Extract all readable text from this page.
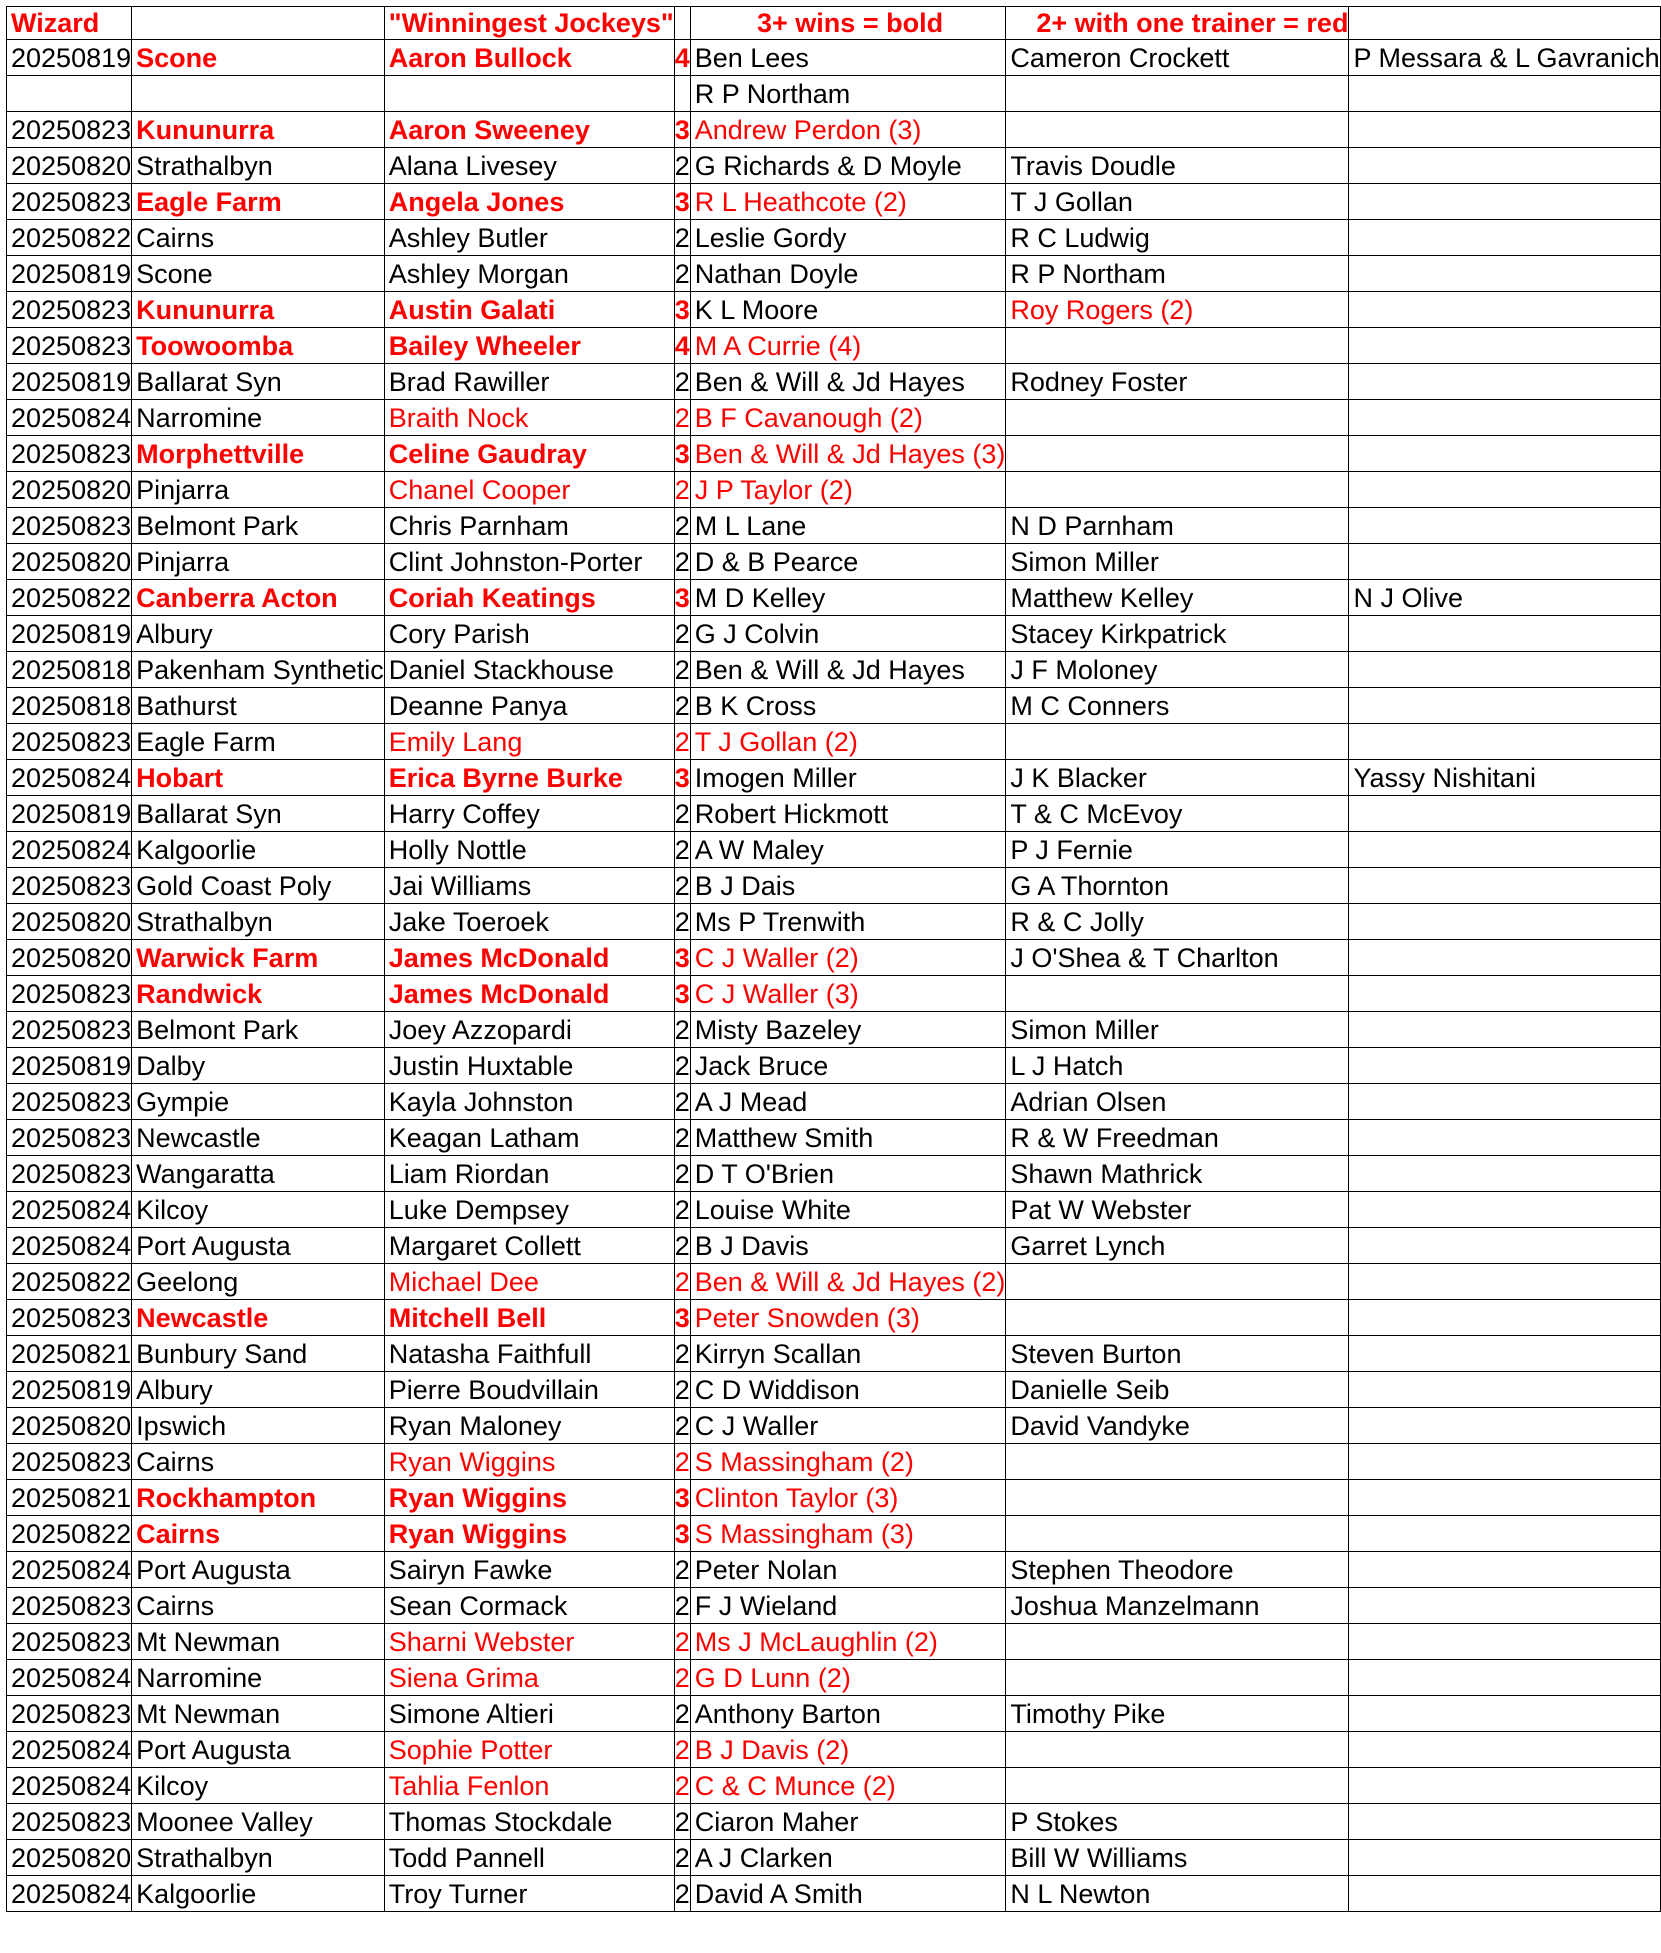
Wizard		"Winningest Jockeys"		3+ wins = bold	2+ with one trainer = red	
20250819	Scone	Aaron Bullock	4	Ben Lees	Cameron Crockett	P Messara & L Gavranich
				R P Northam		
20250823	Kununurra	Aaron Sweeney	3	Andrew Perdon (3)		
20250820	Strathalbyn	Alana Livesey	2	G Richards & D Moyle	Travis Doudle	
20250823	Eagle Farm	Angela Jones	3	R L Heathcote (2)	T J Gollan	
20250822	Cairns	Ashley Butler	2	Leslie Gordy	R C Ludwig	
20250819	Scone	Ashley Morgan	2	Nathan Doyle	R P Northam	
20250823	Kununurra	Austin Galati	3	K L Moore	Roy Rogers (2)	
20250823	Toowoomba	Bailey Wheeler	4	M A Currie (4)		
20250819	Ballarat Syn	Brad Rawiller	2	Ben & Will & Jd Hayes	Rodney Foster	
20250824	Narromine	Braith Nock	2	B F Cavanough (2)		
20250823	Morphettville	Celine Gaudray	3	Ben & Will & Jd Hayes (3)		
20250820	Pinjarra	Chanel Cooper	2	J P Taylor (2)		
20250823	Belmont Park	Chris Parnham	2	M L Lane	N D Parnham	
20250820	Pinjarra	Clint Johnston-Porter	2	D & B Pearce	Simon Miller	
20250822	Canberra Acton	Coriah Keatings	3	M D Kelley	Matthew Kelley	N J Olive
20250819	Albury	Cory Parish	2	G J Colvin	Stacey Kirkpatrick	
20250818	Pakenham Synthetic	Daniel Stackhouse	2	Ben & Will & Jd Hayes	J F Moloney	
20250818	Bathurst	Deanne Panya	2	B K Cross	M C Conners	
20250823	Eagle Farm	Emily Lang	2	T J Gollan (2)		
20250824	Hobart	Erica Byrne Burke	3	Imogen Miller	J K Blacker	Yassy Nishitani
20250819	Ballarat Syn	Harry Coffey	2	Robert Hickmott	T & C McEvoy	
20250824	Kalgoorlie	Holly Nottle	2	A W Maley	P J Fernie	
20250823	Gold Coast Poly	Jai Williams	2	B J Dais	G A Thornton	
20250820	Strathalbyn	Jake Toeroek	2	Ms P Trenwith	R & C Jolly	
20250820	Warwick Farm	James McDonald	3	C J Waller (2)	J O'Shea & T Charlton	
20250823	Randwick	James McDonald	3	C J Waller (3)		
20250823	Belmont Park	Joey Azzopardi	2	Misty Bazeley	Simon Miller	
20250819	Dalby	Justin Huxtable	2	Jack Bruce	L J Hatch	
20250823	Gympie	Kayla Johnston	2	A J Mead	Adrian Olsen	
20250823	Newcastle	Keagan Latham	2	Matthew Smith	R & W Freedman	
20250823	Wangaratta	Liam Riordan	2	D T O'Brien	Shawn Mathrick	
20250824	Kilcoy	Luke Dempsey	2	Louise White	Pat W Webster	
20250824	Port Augusta	Margaret Collett	2	B J Davis	Garret Lynch	
20250822	Geelong	Michael Dee	2	Ben & Will & Jd Hayes (2)		
20250823	Newcastle	Mitchell Bell	3	Peter Snowden (3)		
20250821	Bunbury Sand	Natasha Faithfull	2	Kirryn Scallan	Steven Burton	
20250819	Albury	Pierre Boudvillain	2	C D Widdison	Danielle Seib	
20250820	Ipswich	Ryan Maloney	2	C J Waller	David Vandyke	
20250823	Cairns	Ryan Wiggins	2	S Massingham (2)		
20250821	Rockhampton	Ryan Wiggins	3	Clinton Taylor (3)		
20250822	Cairns	Ryan Wiggins	3	S Massingham (3)		
20250824	Port Augusta	Sairyn Fawke	2	Peter Nolan	Stephen Theodore	
20250823	Cairns	Sean Cormack	2	F J Wieland	Joshua Manzelmann	
20250823	Mt Newman	Sharni Webster	2	Ms J McLaughlin (2)		
20250824	Narromine	Siena Grima	2	G D Lunn (2)		
20250823	Mt Newman	Simone Altieri	2	Anthony Barton	Timothy Pike	
20250824	Port Augusta	Sophie Potter	2	B J Davis (2)		
20250824	Kilcoy	Tahlia Fenlon	2	C & C Munce (2)		
20250823	Moonee Valley	Thomas Stockdale	2	Ciaron Maher	P Stokes	
20250820	Strathalbyn	Todd Pannell	2	A J Clarken	Bill W Williams	
20250824	Kalgoorlie	Troy Turner	2	David A Smith	N L Newton	
